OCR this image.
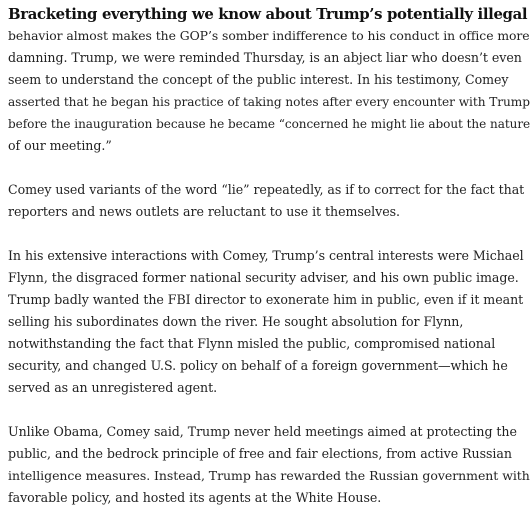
Bracketing everything we know about Trump’s potentially illegal
behavior almost makes the GOP’s somber indifference to his conduct in office more
damning. Trump, we were reminded Thursday, is an abject liar who doesn’t even
seem to understand the concept of the public interest. In his testimony, Comey
asserted that he began his practice of taking notes after every encounter with Trump
before the inauguration because he became “concerned he might lie about the nature
of our meeting.”
Comey used variants of the word “lie” repeatedly, as if to correct for the fact that
reporters and news outlets are reluctant to use it themselves.
In his extensive interactions with Comey, Trump’s central interests were Michael
Flynn, the disgraced former national security adviser, and his own public image.
Trump badly wanted the FBI director to exonerate him in public, even if it meant
selling his subordinates down the river. He sought absolution for Flynn,
notwithstanding the fact that Flynn misled the public, compromised national
security, and changed U.S. policy on behalf of a foreign government—which he
served as an unregistered agent.
Unlike Obama, Comey said, Trump never held meetings aimed at protecting the
public, and the bedrock principle of free and fair elections, from active Russian
intelligence measures. Instead, Trump has rewarded the Russian government with
favorable policy, and hosted its agents at the White House.
